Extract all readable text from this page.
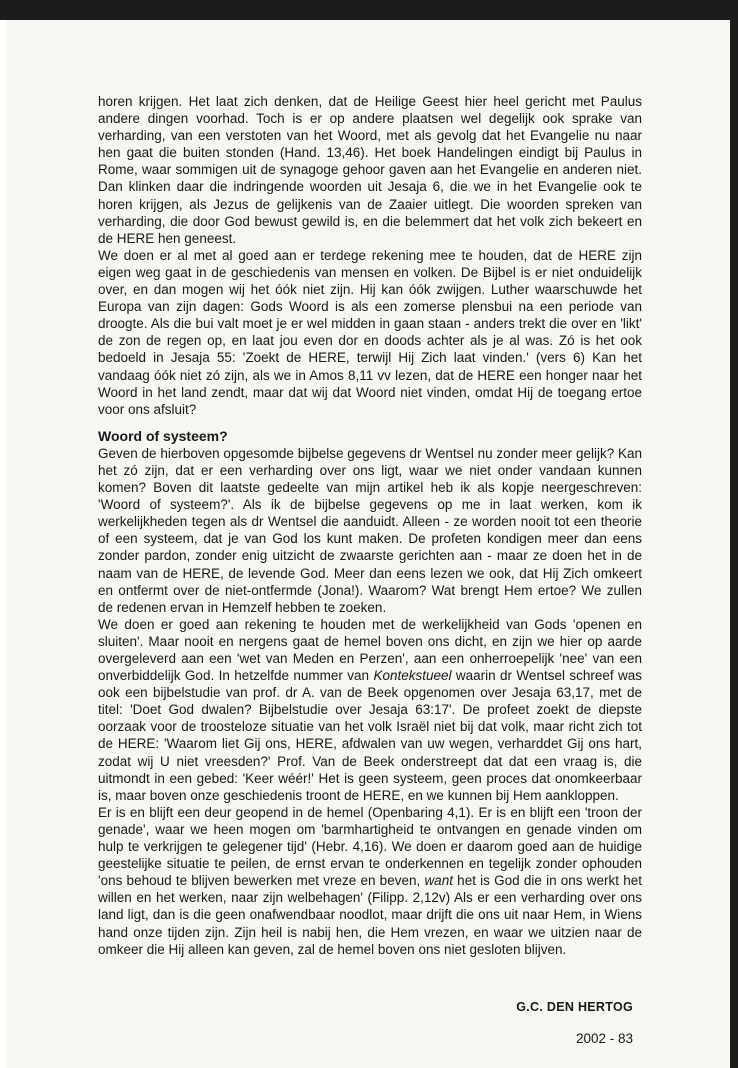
horen krijgen. Het laat zich denken, dat de Heilige Geest hier heel gericht met Paulus andere dingen voorhad. Toch is er op andere plaatsen wel degelijk ook sprake van verharding, van een verstoten van het Woord, met als gevolg dat het Evangelie nu naar hen gaat die buiten stonden (Hand. 13,46). Het boek Handelingen eindigt bij Paulus in Rome, waar sommigen uit de synagoge gehoor gaven aan het Evangelie en anderen niet. Dan klinken daar die indringende woorden uit Jesaja 6, die we in het Evangelie ook te horen krijgen, als Jezus de gelijkenis van de Zaaier uitlegt. Die woorden spreken van verharding, die door God bewust gewild is, en die belemmert dat het volk zich bekeert en de HERE hen geneest.

We doen er al met al goed aan er terdege rekening mee te houden, dat de HERE zijn eigen weg gaat in de geschiedenis van mensen en volken. De Bijbel is er niet onduidelijk over, en dan mogen wij het óók niet zijn. Hij kan óók zwijgen. Luther waarschuwde het Europa van zijn dagen: Gods Woord is als een zomerse plensbui na een periode van droogte. Als die bui valt moet je er wel midden in gaan staan - anders trekt die over en 'likt' de zon de regen op, en laat jou even dor en doods achter als je al was. Zó is het ook bedoeld in Jesaja 55: 'Zoekt de HERE, terwijl Hij Zich laat vinden.' (vers 6) Kan het vandaag óók niet zó zijn, als we in Amos 8,11 vv lezen, dat de HERE een honger naar het Woord in het land zendt, maar dat wij dat Woord niet vinden, omdat Hij de toegang ertoe voor ons afsluit?

Woord of systeem?

Geven de hierboven opgesomde bijbelse gegevens dr Wentsel nu zonder meer gelijk? Kan het zó zijn, dat er een verharding over ons ligt, waar we niet onder vandaan kunnen komen? Boven dit laatste gedeelte van mijn artikel heb ik als kopje neergeschreven: 'Woord of systeem?'. Als ik de bijbelse gegevens op me in laat werken, kom ik werkelijkheden tegen als dr Wentsel die aanduidt. Alleen - ze worden nooit tot een theorie of een systeem, dat je van God los kunt maken. De profeten kondigen meer dan eens zonder pardon, zonder enig uitzicht de zwaarste gerichten aan - maar ze doen het in de naam van de HERE, de levende God. Meer dan eens lezen we ook, dat Hij Zich omkeert en ontfermt over de niet-ontfermde (Jona!). Waarom? Wat brengt Hem ertoe? We zullen de redenen ervan in Hemzelf hebben te zoeken.

We doen er goed aan rekening te houden met de werkelijkheid van Gods 'openen en sluiten'. Maar nooit en nergens gaat de hemel boven ons dicht, en zijn we hier op aarde overgeleverd aan een 'wet van Meden en Perzen', aan een onherroepelijk 'nee' van een onverbiddelijk God. In hetzelfde nummer van Kontekstueel waarin dr Wentsel schreef was ook een bijbelstudie van prof. dr A. van de Beek opgenomen over Jesaja 63,17, met de titel: 'Doet God dwalen? Bijbelstudie over Jesaja 63:17'. De profeet zoekt de diepste oorzaak voor de troosteloze situatie van het volk Israël niet bij dat volk, maar richt zich tot de HERE: 'Waarom liet Gij ons, HERE, afdwalen van uw wegen, verharddet Gij ons hart, zodat wij U niet vreesden?' Prof. Van de Beek onderstreept dat dat een vraag is, die uitmondt in een gebed: 'Keer wéér!' Het is geen systeem, geen proces dat onomkeerbaar is, maar boven onze geschiedenis troont de HERE, en we kunnen bij Hem aankloppen.

Er is en blijft een deur geopend in de hemel (Openbaring 4,1). Er is en blijft een 'troon der genade', waar we heen mogen om 'barmhartigheid te ontvangen en genade vinden om hulp te verkrijgen te gelegener tijd' (Hebr. 4,16). We doen er daarom goed aan de huidige geestelijke situatie te peilen, de ernst ervan te onderkennen en tegelijk zonder ophouden 'ons behoud te blijven bewerken met vreze en beven, want het is God die in ons werkt het willen en het werken, naar zijn welbehagen' (Filipp. 2,12v) Als er een verharding over ons land ligt, dan is die geen onafwendbaar noodlot, maar drijft die ons uit naar Hem, in Wiens hand onze tijden zijn. Zijn heil is nabij hen, die Hem vrezen, en waar we uitzien naar de omkeer die Hij alleen kan geven, zal de hemel boven ons niet gesloten blijven.

G.C. DEN HERTOG
2002 - 83
